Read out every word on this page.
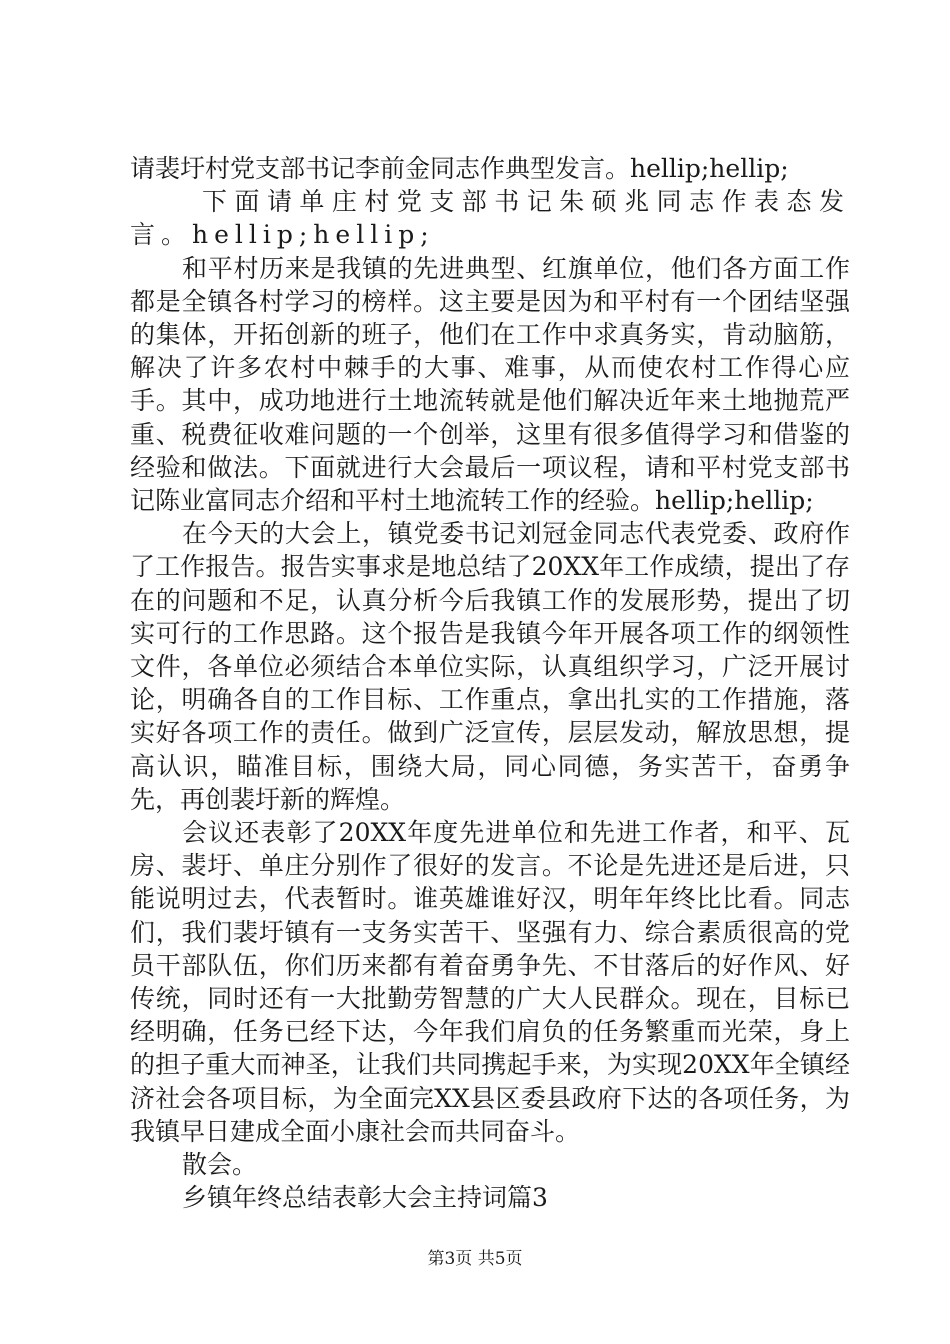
请裴圩村党支部书记李前金同志作典型发言。hellip;hellip;

下面请单庄村党支部书记朱硕兆同志作表态发言。hellip;hellip;

和平村历来是我镇的先进典型、红旗单位，他们各方面工作都是全镇各村学习的榜样。这主要是因为和平村有一个团结坚强的集体，开拓创新的班子，他们在工作中求真务实，肯动脑筋，解决了许多农村中棘手的大事、难事，从而使农村工作得心应手。其中，成功地进行土地流转就是他们解决近年来土地抛荒严重、税费征收难问题的一个创举，这里有很多值得学习和借鉴的经验和做法。下面就进行大会最后一项议程，请和平村党支部书记陈业富同志介绍和平村土地流转工作的经验。hellip;hellip;

在今天的大会上，镇党委书记刘冠金同志代表党委、政府作了工作报告。报告实事求是地总结了20XX年工作成绩，提出了存在的问题和不足，认真分析今后我镇工作的发展形势，提出了切实可行的工作思路。这个报告是我镇今年开展各项工作的纲领性文件，各单位必须结合本单位实际，认真组织学习，广泛开展讨论，明确各自的工作目标、工作重点，拿出扎实的工作措施，落实好各项工作的责任。做到广泛宣传，层层发动，解放思想，提高认识，瞄准目标，围绕大局，同心同德，务实苦干，奋勇争先，再创裴圩新的辉煌。

会议还表彰了20XX年度先进单位和先进工作者，和平、瓦房、裴圩、单庄分别作了很好的发言。不论是先进还是后进，只能说明过去，代表暂时。谁英雄谁好汉，明年年终比比看。同志们，我们裴圩镇有一支务实苦干、坚强有力、综合素质很高的党员干部队伍，你们历来都有着奋勇争先、不甘落后的好作风、好传统，同时还有一大批勤劳智慧的广大人民群众。现在，目标已经明确，任务已经下达，今年我们肩负的任务繁重而光荣，身上的担子重大而神圣，让我们共同携起手来，为实现20XX年全镇经济社会各项目标，为全面完XX县区委县政府下达的各项任务，为我镇早日建成全面小康社会而共同奋斗。

散会。

乡镇年终总结表彰大会主持词篇3

第3页 共5页
